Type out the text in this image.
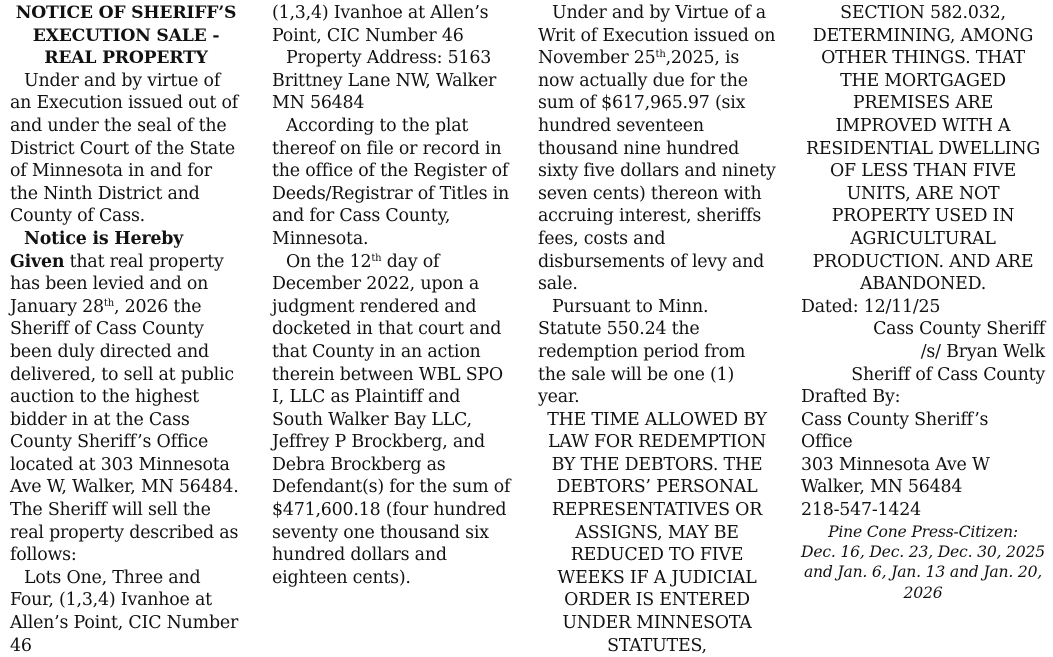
NOTICE OF SHERIFF’S
EXECUTION SALE -
REAL PROPERTY

Under and by virtue of an Execution issued out of and under the seal of the District Court of the State of Minnesota in and for the Ninth District and County of Cass.

Notice is Hereby Given that real property has been levied and on January 28th, 2026 the Sheriff of Cass County been duly directed and delivered, to sell at public auction to the highest bidder in at the Cass County Sheriff’s Office located at 303 Minnesota Ave W, Walker, MN 56484. The Sheriff will sell the real property described as follows:

Lots One, Three and Four, (1,3,4) Ivanhoe at Allen’s Point, CIC Number 46

(1,3,4) Ivanhoe at Allen’s Point, CIC Number 46

Property Address: 5163 Brittney Lane NW, Walker MN 56484

According to the plat thereof on file or record in the office of the Register of Deeds/Registrar of Titles in and for Cass County, Minnesota.

On the 12th day of December 2022, upon a judgment rendered and docketed in that court and that County in an action therein between WBL SPO I, LLC as Plaintiff and South Walker Bay LLC, Jeffrey P Brockberg, and Debra Brockberg as Defendant(s) for the sum of $471,600.18 (four hundred seventy one thousand six hundred dollars and eighteen cents).

Under and by Virtue of a Writ of Execution issued on November 25th,2025, is now actually due for the sum of $617,965.97 (six hundred seventeen thousand nine hundred sixty five dollars and ninety seven cents) thereon with accruing interest, sheriffs fees, costs and disbursements of levy and sale.

Pursuant to Minn. Statute 550.24 the redemption period from the sale will be one (1) year.

THE TIME ALLOWED BY LAW FOR REDEMPTION BY THE DEBTORS. THE DEBTORS’ PERSONAL REPRESENTATIVES OR ASSIGNS, MAY BE REDUCED TO FIVE WEEKS IF A JUDICIAL ORDER IS ENTERED UNDER MINNESOTA STATUTES,

SECTION 582.032, DETERMINING, AMONG OTHER THINGS. THAT THE MORTGAGED PREMISES ARE IMPROVED WITH A RESIDENTIAL DWELLING OF LESS THAN FIVE UNITS, ARE NOT PROPERTY USED IN AGRICULTURAL PRODUCTION. AND ARE ABANDONED.

Dated: 12/11/25

Cass County Sheriff

/s/ Bryan Welk

Sheriff of Cass County

Drafted By:

Cass County Sheriff’s Office

303 Minnesota Ave W

Walker, MN 56484

218-547-1424

Pine Cone Press-Citizen:

Dec. 16, Dec. 23, Dec. 30, 2025 and Jan. 6, Jan. 13 and Jan. 20, 2026
